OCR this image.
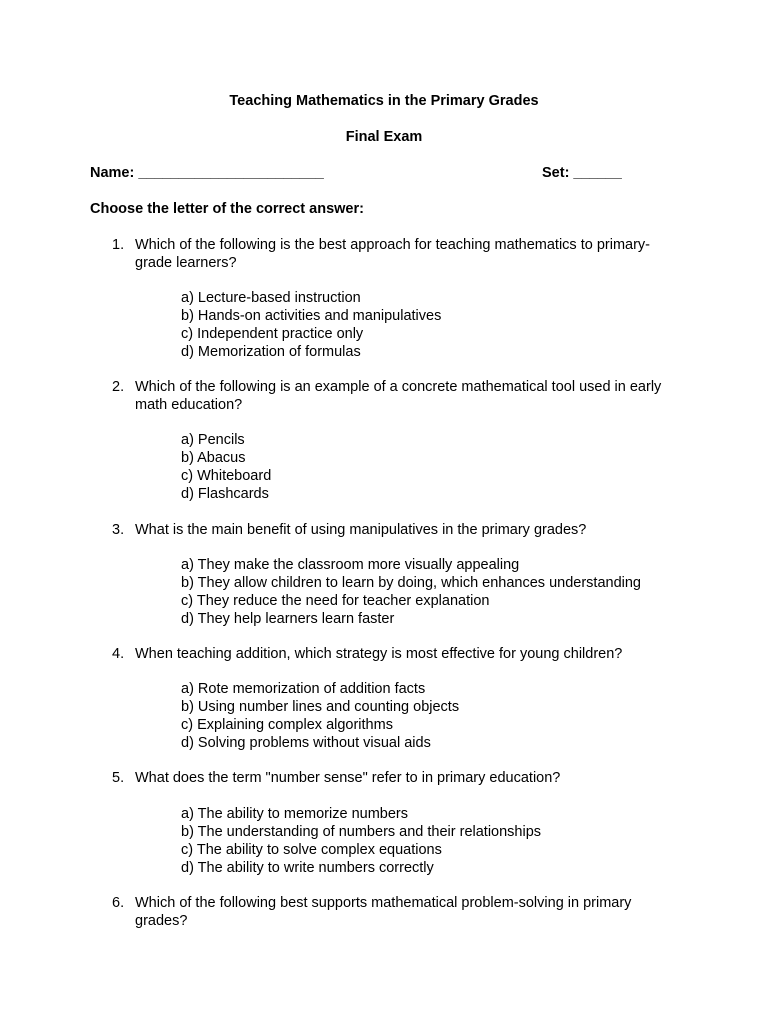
Teaching Mathematics in the Primary Grades
Final Exam
Name: _______________________	Set: ______
Choose the letter of the correct answer:
1. Which of the following is the best approach for teaching mathematics to primary-grade learners?
a) Lecture-based instruction
b) Hands-on activities and manipulatives
c) Independent practice only
d) Memorization of formulas
2. Which of the following is an example of a concrete mathematical tool used in early math education?
a) Pencils
b) Abacus
c) Whiteboard
d) Flashcards
3. What is the main benefit of using manipulatives in the primary grades?
a) They make the classroom more visually appealing
b) They allow children to learn by doing, which enhances understanding
c) They reduce the need for teacher explanation
d) They help learners learn faster
4. When teaching addition, which strategy is most effective for young children?
a) Rote memorization of addition facts
b) Using number lines and counting objects
c) Explaining complex algorithms
d) Solving problems without visual aids
5. What does the term "number sense" refer to in primary education?
a) The ability to memorize numbers
b) The understanding of numbers and their relationships
c) The ability to solve complex equations
d) The ability to write numbers correctly
6. Which of the following best supports mathematical problem-solving in primary grades?
